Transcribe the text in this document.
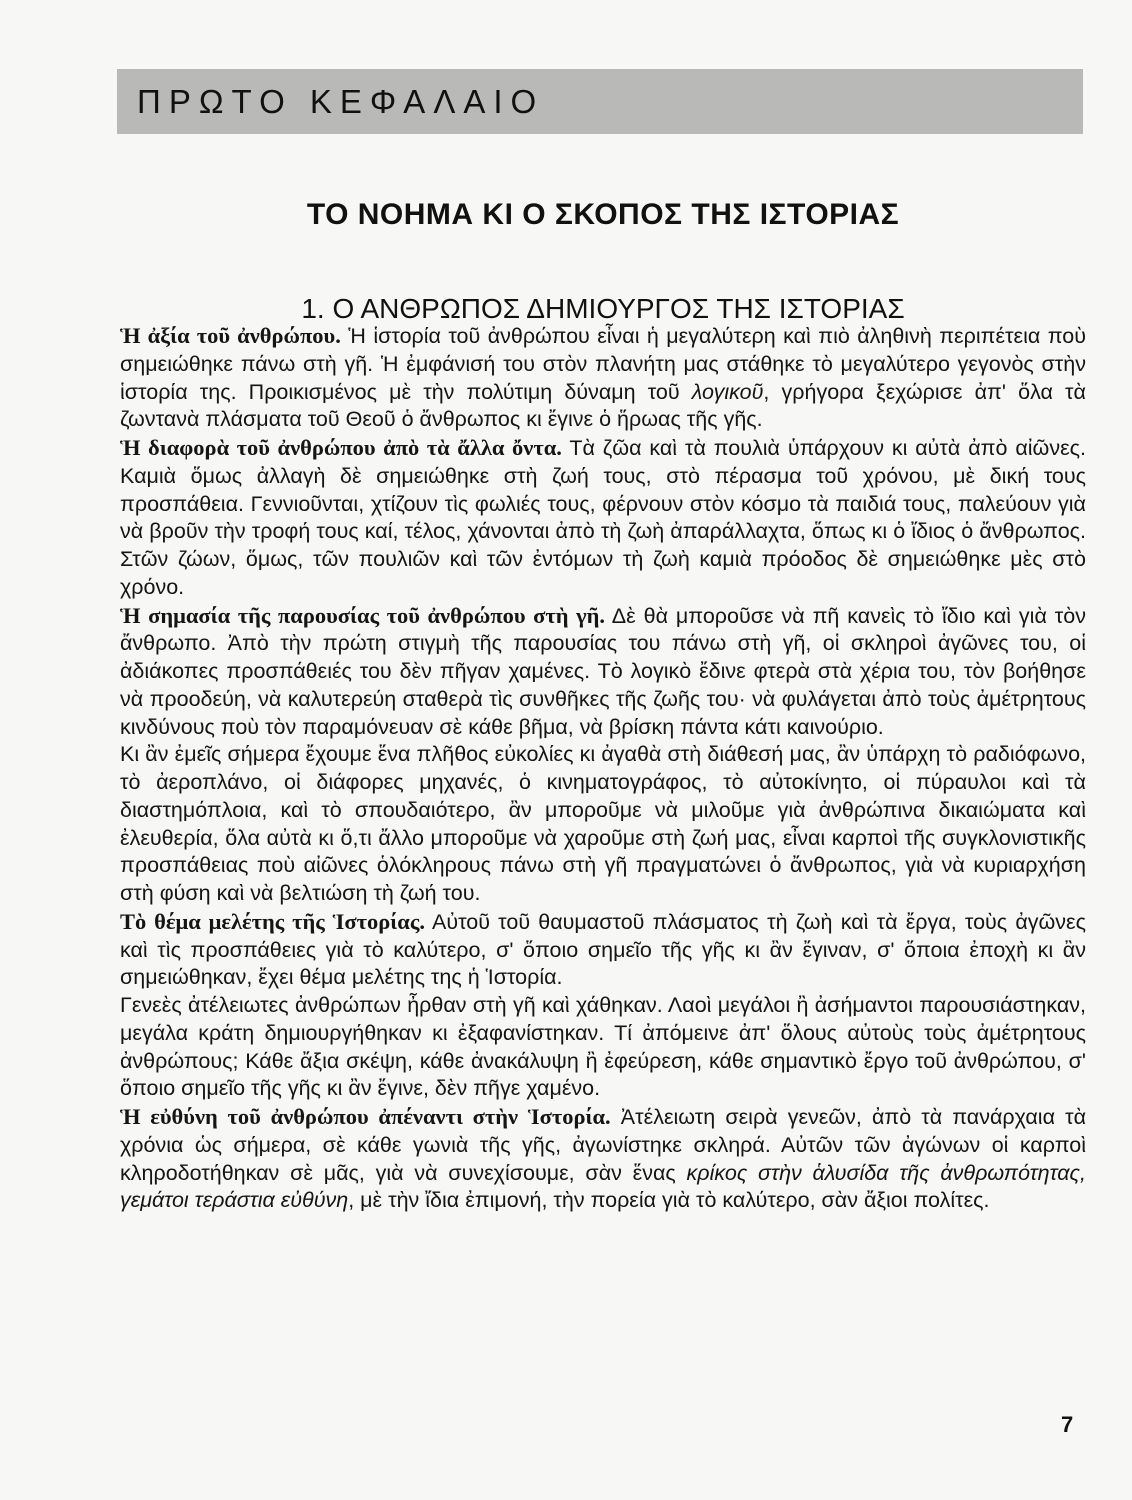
ΠΡΩΤΟ ΚΕΦΑΛΑΙΟ
ΤΟ ΝΟΗΜΑ ΚΙ Ο ΣΚΟΠΟΣ ΤΗΣ ΙΣΤΟΡΙΑΣ
1. Ο ΑΝΘΡΩΠΟΣ ΔΗΜΙΟΥΡΓΟΣ ΤΗΣ ΙΣΤΟΡΙΑΣ

Ἡ ἀξία τοῦ ἀνθρώπου. Ἡ ἱστορία τοῦ ἀνθρώπου εἶναι ἡ μεγαλύτερη καὶ πιὸ ἀληθινὴ περιπέτεια ποὺ σημειώθηκε πάνω στὴ γῆ. Ἡ ἐμφάνισή του στὸν πλανήτη μας στάθηκε τὸ μεγαλύτερο γεγονὸς στὴν ἱστορία της. Προικισμένος μὲ τὴν πολύτιμη δύναμη τοῦ λογικοῦ, γρήγορα ξεχώρισε ἀπ' ὅλα τὰ ζωντανὰ πλάσματα τοῦ Θεοῦ ὁ ἄνθρωπος κι ἔγινε ὁ ἥρωας τῆς γῆς.

Ἡ διαφορὰ τοῦ ἀνθρώπου ἀπὸ τὰ ἄλλα ὄντα. Τὰ ζῶα καὶ τὰ πουλιὰ ὑπάρχουν κι αὐτὰ ἀπὸ αἰῶνες. Καμιὰ ὅμως ἀλλαγὴ δὲ σημειώθηκε στὴ ζωή τους, στὸ πέρασμα τοῦ χρόνου, μὲ δική τους προσπάθεια. Γεννιοῦνται, χτίζουν τὶς φωλιές τους, φέρνουν στὸν κόσμο τὰ παιδιά τους, παλεύουν γιὰ νὰ βροῦν τὴν τροφή τους καί, τέλος, χάνονται ἀπὸ τὴ ζωὴ ἀπαράλλαχτα, ὅπως κι ὁ ἴδιος ὁ ἄνθρωπος. Στῶν ζώων, ὅμως, τῶν πουλιῶν καὶ τῶν ἐντόμων τὴ ζωὴ καμιὰ πρόοδος δὲ σημειώθηκε μὲς στὸ χρόνο.

Ἡ σημασία τῆς παρουσίας τοῦ ἀνθρώπου στὴ γῆ. Δὲ θὰ μποροῦσε νὰ πῆ κανεὶς τὸ ἴδιο καὶ γιὰ τὸν ἄνθρωπο. Ἀπὸ τὴν πρώτη στιγμὴ τῆς παρουσίας του πάνω στὴ γῆ, οἱ σκληροὶ ἀγῶνες του, οἱ ἀδιάκοπες προσπάθειές του δὲν πῆγαν χαμένες. Τὸ λογικὸ ἔδινε φτερὰ στὰ χέρια του, τὸν βοήθησε νὰ προοδεύη, νὰ καλυτερεύη σταθερὰ τὶς συνθῆκες τῆς ζωῆς του· νὰ φυλάγεται ἀπὸ τοὺς ἀμέτρητους κινδύνους ποὺ τὸν παραμόνευαν σὲ κάθε βῆμα, νὰ βρίσκη πάντα κάτι καινούριο.

Κι ἂν ἐμεῖς σήμερα ἔχουμε ἕνα πλῆθος εὐκολίες κι ἀγαθὰ στὴ διάθεσή μας, ἂν ὑπάρχη τὸ ραδιόφωνο, τὸ ἀεροπλάνο, οἱ διάφορες μηχανές, ὁ κινηματογράφος, τὸ αὐτοκίνητο, οἱ πύραυλοι καὶ τὰ διαστημόπλοια, καὶ τὸ σπουδαιότερο, ἂν μποροῦμε νὰ μιλοῦμε γιὰ ἀνθρώπινα δικαιώματα καὶ ἐλευθερία, ὅλα αὐτὰ κι ὅ,τι ἄλλο μποροῦμε νὰ χαροῦμε στὴ ζωή μας, εἶναι καρποὶ τῆς συγκλονιστικῆς προσπάθειας ποὺ αἰῶνες ὁλόκληρους πάνω στὴ γῆ πραγματώνει ὁ ἄνθρωπος, γιὰ νὰ κυριαρχήση στὴ φύση καὶ νὰ βελτιώση τὴ ζωή του.

Τὸ θέμα μελέτης τῆς Ἱστορίας. Αὐτοῦ τοῦ θαυμαστοῦ πλάσματος τὴ ζωὴ καὶ τὰ ἔργα, τοὺς ἀγῶνες καὶ τὶς προσπάθειες γιὰ τὸ καλύτερο, σ' ὅποιο σημεῖο τῆς γῆς κι ἂν ἔγιναν, σ' ὅποια ἐποχὴ κι ἂν σημειώθηκαν, ἔχει θέμα μελέτης της ἡ Ἱστορία.

Γενεὲς ἀτέλειωτες ἀνθρώπων ἦρθαν στὴ γῆ καὶ χάθηκαν. Λαοὶ μεγάλοι ἢ ἀσήμαντοι παρουσιάστηκαν, μεγάλα κράτη δημιουργήθηκαν κι ἐξαφανίστηκαν. Τί ἀπόμεινε ἀπ' ὅλους αὐτοὺς τοὺς ἀμέτρητους ἀνθρώπους; Κάθε ἄξια σκέψη, κάθε ἀνακάλυψη ἢ ἐφεύρεση, κάθε σημαντικὸ ἔργο τοῦ ἀνθρώπου, σ' ὅποιο σημεῖο τῆς γῆς κι ἂν ἔγινε, δὲν πῆγε χαμένο.

Ἡ εὐθύνη τοῦ ἀνθρώπου ἀπέναντι στὴν Ἱστορία. Ἀτέλειωτη σειρὰ γενεῶν, ἀπὸ τὰ πανάρχαια τὰ χρόνια ὡς σήμερα, σὲ κάθε γωνιὰ τῆς γῆς, ἀγωνίστηκε σκληρά. Αὐτῶν τῶν ἀγώνων οἱ καρποὶ κληροδοτήθηκαν σὲ μᾶς, γιὰ νὰ συνεχίσουμε, σὰν ἕνας κρίκος στὴν ἁλυσίδα τῆς ἀνθρωπότητας, γεμάτοι τεράστια εὐθύνη, μὲ τὴν ἴδια ἐπιμονή, τὴν πορεία γιὰ τὸ καλύτερο, σὰν ἄξιοι πολίτες.

7
